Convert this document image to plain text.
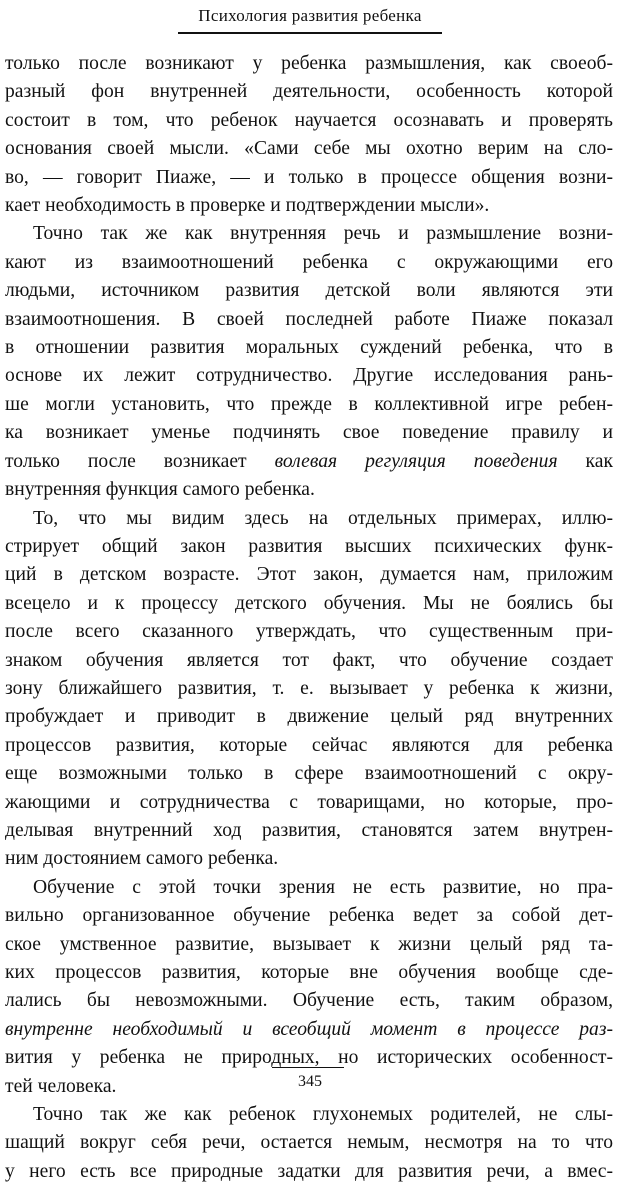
Психология развития ребенка
только после возникают у ребенка размышления, как своеоб-
разный фон внутренней деятельности, особенность которой
состоит в том, что ребенок научается осознавать и проверять
основания своей мысли. «Сами себе мы охотно верим на сло-
во, — говорит Пиаже, — и только в процессе общения возни-
кает необходимость в проверке и подтверждении мысли».
Точно так же как внутренняя речь и размышление возни-
кают из взаимоотношений ребенка с окружающими его
людьми, источником развития детской воли являются эти
взаимоотношения. В своей последней работе Пиаже показал
в отношении развития моральных суждений ребенка, что в
основе их лежит сотрудничество. Другие исследования рань-
ше могли установить, что прежде в коллективной игре ребен-
ка возникает уменье подчинять свое поведение правилу и
только после возникает волевая регуляция поведения как
внутренняя функция самого ребенка.
То, что мы видим здесь на отдельных примерах, иллю-
стрирует общий закон развития высших психических функ-
ций в детском возрасте. Этот закон, думается нам, приложим
всецело и к процессу детского обучения. Мы не боялись бы
после всего сказанного утверждать, что существенным при-
знаком обучения является тот факт, что обучение создает
зону ближайшего развития, т. е. вызывает у ребенка к жизни,
пробуждает и приводит в движение целый ряд внутренних
процессов развития, которые сейчас являются для ребенка
еще возможными только в сфере взаимоотношений с окру-
жающими и сотрудничества с товарищами, но которые, про-
делывая внутренний ход развития, становятся затем внутрен-
ним достоянием самого ребенка.
Обучение с этой точки зрения не есть развитие, но пра-
вильно организованное обучение ребенка ведет за собой дет-
ское умственное развитие, вызывает к жизни целый ряд та-
ких процессов развития, которые вне обучения вообще сде-
лались бы невозможными. Обучение есть, таким образом,
внутренне необходимый и всеобщий момент в процессе раз-
вития у ребенка не природных, но исторических особенност-
тей человека.
Точно так же как ребенок глухонемых родителей, не слы-
шащий вокруг себя речи, остается немым, несмотря на то что
у него есть все природные задатки для развития речи, а вмес-
345
